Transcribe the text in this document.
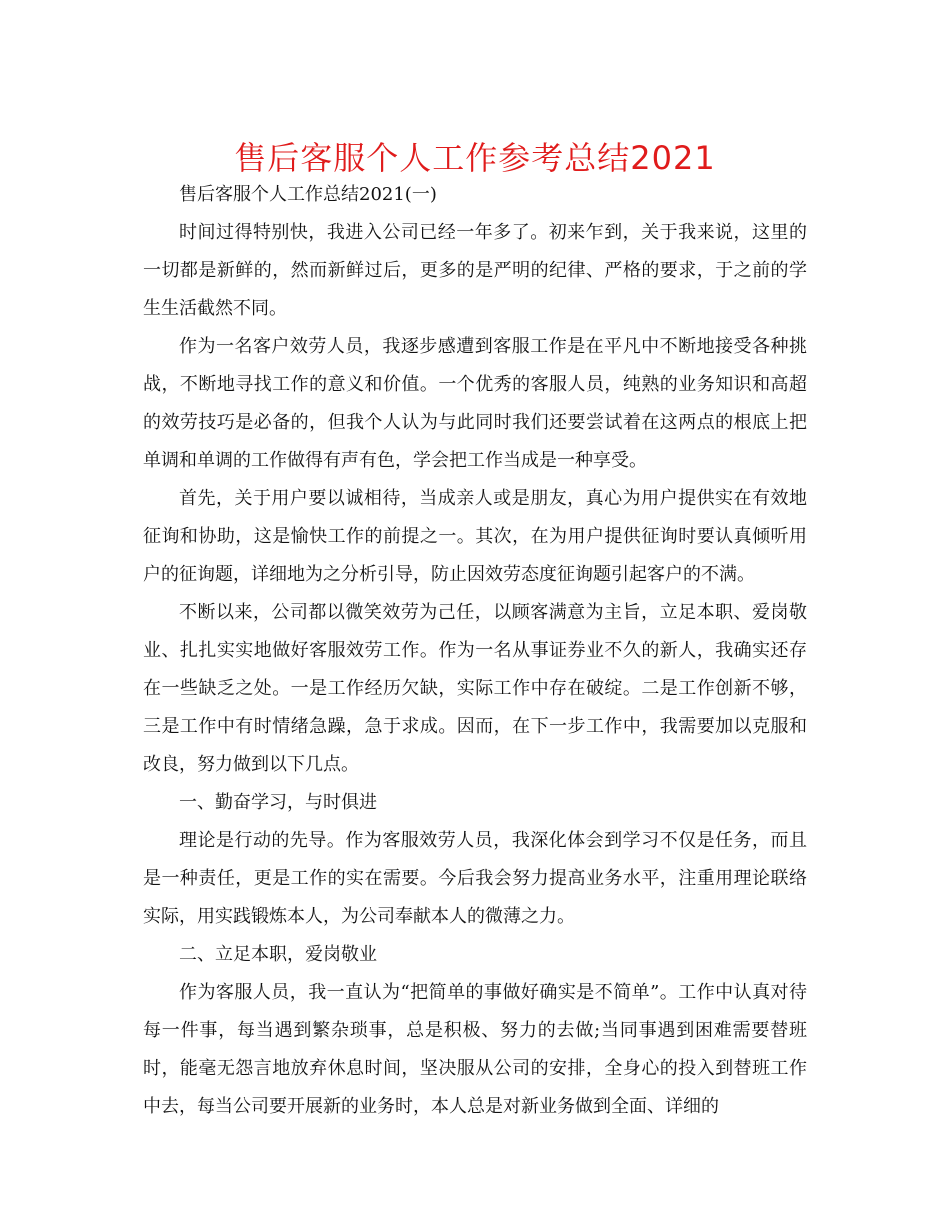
售后客服个人工作参考总结2021

售后客服个人工作总结2021(一)

时间过得特别快，我进入公司已经一年多了。初来乍到，关于我来说，这里的一切都是新鲜的，然而新鲜过后，更多的是严明的纪律、严格的要求，于之前的学生生活截然不同。

作为一名客户效劳人员，我逐步感遭到客服工作是在平凡中不断地接受各种挑战，不断地寻找工作的意义和价值。一个优秀的客服人员，纯熟的业务知识和高超的效劳技巧是必备的，但我个人认为与此同时我们还要尝试着在这两点的根底上把单调和单调的工作做得有声有色，学会把工作当成是一种享受。

首先，关于用户要以诚相待，当成亲人或是朋友，真心为用户提供实在有效地征询和协助，这是愉快工作的前提之一。其次，在为用户提供征询时要认真倾听用户的征询题，详细地为之分析引导，防止因效劳态度征询题引起客户的不满。

不断以来，公司都以微笑效劳为己任，以顾客满意为主旨，立足本职、爱岗敬业、扎扎实实地做好客服效劳工作。作为一名从事证券业不久的新人，我确实还存在一些缺乏之处。一是工作经历欠缺，实际工作中存在破绽。二是工作创新不够，三是工作中有时情绪急躁，急于求成。因而，在下一步工作中，我需要加以克服和改良，努力做到以下几点。

一、勤奋学习，与时俱进

理论是行动的先导。作为客服效劳人员，我深化体会到学习不仅是任务，而且是一种责任，更是工作的实在需要。今后我会努力提高业务水平，注重用理论联络实际，用实践锻炼本人，为公司奉献本人的微薄之力。

二、立足本职，爱岗敬业

作为客服人员，我一直认为“把简单的事做好确实是不简单”。工作中认真对待每一件事，每当遇到繁杂琐事，总是积极、努力的去做;当同事遇到困难需要替班时，能毫无怨言地放弃休息时间，坚决服从公司的安排，全身心的投入到替班工作中去，每当公司要开展新的业务时，本人总是对新业务做到全面、详细的
